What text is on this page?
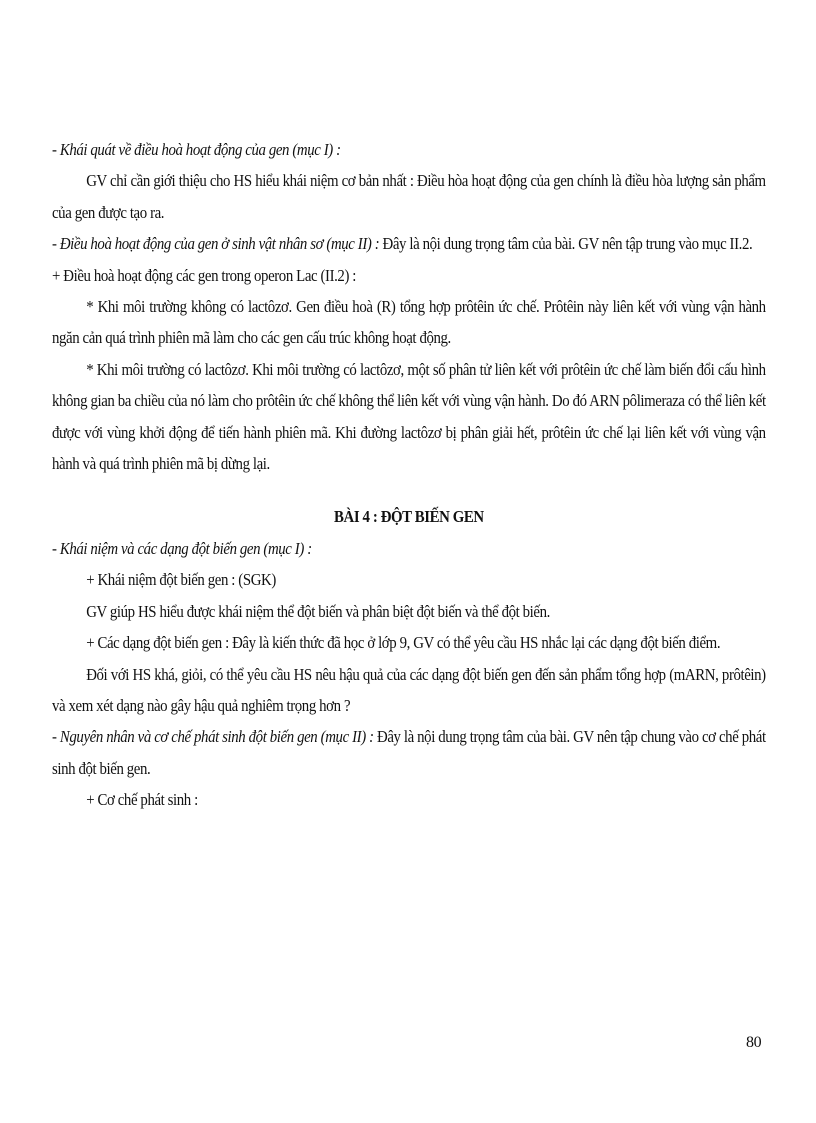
- Khái quát về điều hoà hoạt động của gen (mục I) :

GV chỉ cần giới thiệu cho HS hiểu khái niệm cơ bản nhất : Điều hòa hoạt động của gen chính là điều hòa lượng sản phẩm của gen được tạo ra.

- Điều hoà hoạt động của gen ở sinh vật nhân sơ (mục II) : Đây là nội dung trọng tâm của bài. GV nên tập trung vào mục II.2.

+ Điều hoà hoạt động các gen trong operon Lac (II.2) :

* Khi môi trường không có lactôzơ. Gen điều hoà (R) tổng hợp prôtêin ức chế. Prôtêin này liên kết với vùng vận hành ngăn cản quá trình phiên mã làm cho các gen cấu trúc không hoạt động.

* Khi môi trường có lactôzơ. Khi môi trường có lactôzơ, một số phân tử liên kết với prôtêin ức chế làm biến đổi cấu hình không gian ba chiều của nó làm cho prôtêin ức chế không thể liên kết với vùng vận hành. Do đó ARN pôlimeraza có thể liên kết được với vùng khởi động để tiến hành phiên mã. Khi đường lactôzơ bị phân giải hết, prôtêin ức chế lại liên kết với vùng vận hành và quá trình phiên mã bị dừng lại.

BÀI 4 : ĐỘT BIẾN GEN

- Khái niệm và các dạng đột biến gen (mục I) :

+ Khái niệm đột biến gen : (SGK)

GV giúp HS hiểu được khái niệm thể đột biến và phân biệt đột biến và thể đột biến.

+ Các dạng đột biến gen : Đây là kiến thức đã học ở lớp 9, GV có thể yêu cầu HS nhắc lại các dạng đột biến điểm.

Đối với HS khá, giỏi, có thể yêu cầu HS nêu hậu quả của các dạng đột biến gen đến sản phẩm tổng hợp (mARN, prôtêin) và xem xét dạng nào gây hậu quả nghiêm trọng hơn ?

- Nguyên nhân và cơ chế phát sinh đột biến gen (mục II) : Đây là nội dung trọng tâm của bài. GV nên tập chung vào cơ chế phát sinh đột biến gen.

+ Cơ chế phát sinh :

80
